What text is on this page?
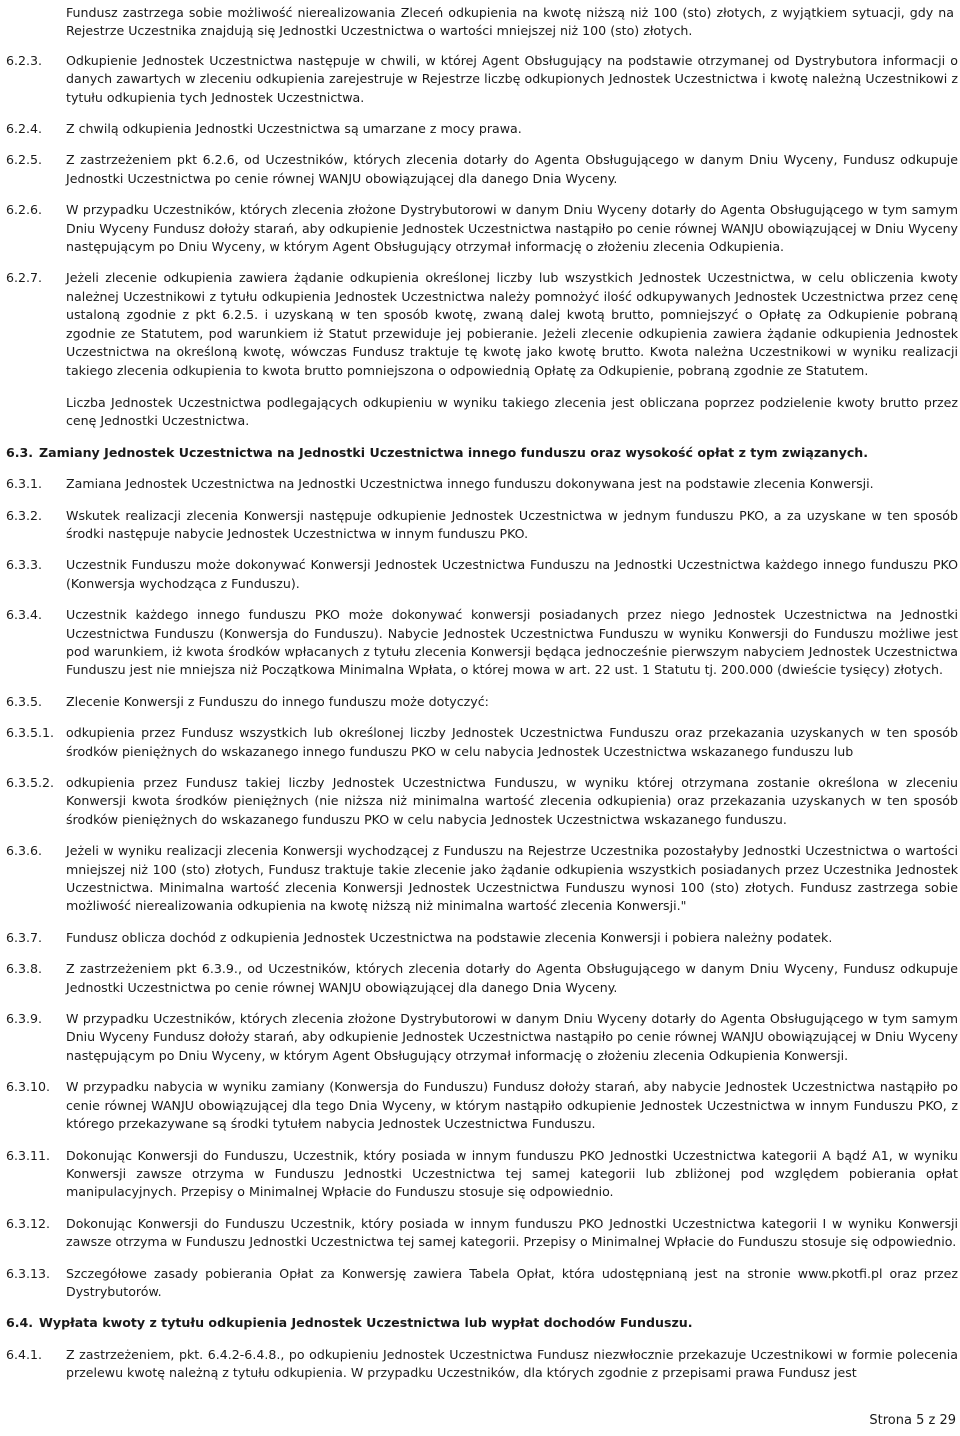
Fundusz zastrzega sobie możliwość nierealizowania Zleceń odkupienia na kwotę niższą niż 100 (sto) złotych, z wyjątkiem sytuacji, gdy na Rejestrze Uczestnika znajdują się Jednostki Uczestnictwa o wartości mniejszej niż 100 (sto) złotych.
6.2.3.	Odkupienie Jednostek Uczestnictwa następuje w chwili, w której Agent Obsługujący na podstawie otrzymanej od Dystrybutora informacji o danych zawartych w zleceniu odkupienia zarejestruje w Rejestrze liczbę odkupionych Jednostek Uczestnictwa i kwotę należną Uczestnikowi z tytułu odkupienia tych Jednostek Uczestnictwa.
6.2.4.	Z chwilą odkupienia Jednostki Uczestnictwa są umarzane z mocy prawa.
6.2.5.	Z zastrzeżeniem pkt 6.2.6, od Uczestników, których zlecenia dotarły do Agenta Obsługującego w danym Dniu Wyceny, Fundusz odkupuje Jednostki Uczestnictwa po cenie równej WANJU obowiązującej dla danego Dnia Wyceny.
6.2.6.	W przypadku Uczestników, których zlecenia złożone Dystrybutorowi w danym Dniu Wyceny dotarły do Agenta Obsługującego w tym samym Dniu Wyceny Fundusz dołoży starań, aby odkupienie Jednostek Uczestnictwa nastąpiło po cenie równej WANJU obowiązującej w Dniu Wyceny następującym po Dniu Wyceny, w którym Agent Obsługujący otrzymał informację o złożeniu zlecenia Odkupienia.
6.2.7.	Jeżeli zlecenie odkupienia zawiera żądanie odkupienia określonej liczby lub wszystkich Jednostek Uczestnictwa, w celu obliczenia kwoty należnej Uczestnikowi z tytułu odkupienia Jednostek Uczestnictwa należy pomnożyć ilość odkupywanych Jednostek Uczestnictwa przez cenę ustaloną zgodnie z pkt 6.2.5. i uzyskaną w ten sposób kwotę, zwaną dalej kwotą brutto, pomniejszyć o Opłatę za Odkupienie pobraną zgodnie ze Statutem, pod warunkiem iż Statut przewiduje jej pobieranie. Jeżeli zlecenie odkupienia zawiera żądanie odkupienia Jednostek Uczestnictwa na określoną kwotę, wówczas Fundusz traktuje tę kwotę jako kwotę brutto. Kwota należna Uczestnikowi w wyniku realizacji takiego zlecenia odkupienia to kwota brutto pomniejszona o odpowiednią Opłatę za Odkupienie, pobraną zgodnie ze Statutem.
Liczba Jednostek Uczestnictwa podlegających odkupieniu w wyniku takiego zlecenia jest obliczana poprzez podzielenie kwoty brutto przez cenę Jednostki Uczestnictwa.
6.3. Zamiany Jednostek Uczestnictwa na Jednostki Uczestnictwa innego funduszu oraz wysokość opłat z tym związanych.
6.3.1.	Zamiana Jednostek Uczestnictwa na Jednostki Uczestnictwa innego funduszu dokonywana jest na podstawie zlecenia Konwersji.
6.3.2.	Wskutek realizacji zlecenia Konwersji następuje odkupienie Jednostek Uczestnictwa w jednym funduszu PKO, a za uzyskane w ten sposób środki następuje nabycie Jednostek Uczestnictwa w innym funduszu PKO.
6.3.3.	Uczestnik Funduszu może dokonywać Konwersji Jednostek Uczestnictwa Funduszu na Jednostki Uczestnictwa każdego innego funduszu PKO (Konwersja wychodząca z Funduszu).
6.3.4.	Uczestnik każdego innego funduszu PKO może dokonywać konwersji posiadanych przez niego Jednostek Uczestnictwa na Jednostki Uczestnictwa Funduszu (Konwersja do Funduszu). Nabycie Jednostek Uczestnictwa Funduszu w wyniku Konwersji do Funduszu możliwe jest pod warunkiem, iż kwota środków wpłacanych z tytułu zlecenia Konwersji będąca jednocześnie pierwszym nabyciem Jednostek Uczestnictwa Funduszu jest nie mniejsza niż Początkowa Minimalna Wpłata, o której mowa w art. 22 ust. 1 Statutu tj. 200.000 (dwieście tysięcy) złotych.
6.3.5.	Zlecenie Konwersji z Funduszu do innego funduszu może dotyczyć:
6.3.5.1. odkupienia przez Fundusz wszystkich lub określonej liczby Jednostek Uczestnictwa Funduszu oraz przekazania uzyskanych w ten sposób środków pieniężnych do wskazanego innego funduszu PKO w celu nabycia Jednostek Uczestnictwa wskazanego funduszu lub
6.3.5.2. odkupienia przez Fundusz takiej liczby Jednostek Uczestnictwa Funduszu, w wyniku której otrzymana zostanie określona w zleceniu Konwersji kwota środków pieniężnych (nie niższa niż minimalna wartość zlecenia odkupienia) oraz przekazania uzyskanych w ten sposób środków pieniężnych do wskazanego funduszu PKO w celu nabycia Jednostek Uczestnictwa wskazanego funduszu.
6.3.6.	Jeżeli w wyniku realizacji zlecenia Konwersji wychodzącej z Funduszu na Rejestrze Uczestnika pozostałyby Jednostki Uczestnictwa o wartości mniejszej niż 100 (sto) złotych, Fundusz traktuje takie zlecenie jako żądanie odkupienia wszystkich posiadanych przez Uczestnika Jednostek Uczestnictwa. Minimalna wartość zlecenia Konwersji Jednostek Uczestnictwa Funduszu wynosi 100 (sto) złotych. Fundusz zastrzega sobie możliwość nierealizowania odkupienia na kwotę niższą niż minimalna wartość zlecenia Konwersji."
6.3.7.	Fundusz oblicza dochód z odkupienia Jednostek Uczestnictwa na podstawie zlecenia Konwersji i pobiera należny podatek.
6.3.8.	Z zastrzeżeniem pkt 6.3.9., od Uczestników, których zlecenia dotarły do Agenta Obsługującego w danym Dniu Wyceny, Fundusz odkupuje Jednostki Uczestnictwa po cenie równej WANJU obowiązującej dla danego Dnia Wyceny.
6.3.9.	W przypadku Uczestników, których zlecenia złożone Dystrybutorowi w danym Dniu Wyceny dotarły do Agenta Obsługującego w tym samym Dniu Wyceny Fundusz dołoży starań, aby odkupienie Jednostek Uczestnictwa nastąpiło po cenie równej WANJU obowiązującej w Dniu Wyceny następującym po Dniu Wyceny, w którym Agent Obsługujący otrzymał informację o złożeniu zlecenia Odkupienia Konwersji.
6.3.10.	W przypadku nabycia w wyniku zamiany (Konwersja do Funduszu) Fundusz dołoży starań, aby nabycie Jednostek Uczestnictwa nastąpiło po cenie równej WANJU obowiązującej dla tego Dnia Wyceny, w którym nastąpiło odkupienie Jednostek Uczestnictwa w innym Funduszu PKO, z którego przekazywane są środki tytułem nabycia Jednostek Uczestnictwa Funduszu.
6.3.11.	Dokonując Konwersji do Funduszu, Uczestnik, który posiada w innym funduszu PKO Jednostki Uczestnictwa kategorii A bądź A1, w wyniku Konwersji zawsze otrzyma w Funduszu Jednostki Uczestnictwa tej samej kategorii lub zbliżonej pod względem pobierania opłat manipulacyjnych. Przepisy o Minimalnej Wpłacie do Funduszu stosuje się odpowiednio.
6.3.12.	Dokonując Konwersji do Funduszu Uczestnik, który posiada w innym funduszu PKO Jednostki Uczestnictwa kategorii I w wyniku Konwersji zawsze otrzyma w Funduszu Jednostki Uczestnictwa tej samej kategorii. Przepisy o Minimalnej Wpłacie do Funduszu stosuje się odpowiednio.
6.3.13.	Szczegółowe zasady pobierania Opłat za Konwersję zawiera Tabela Opłat, która udostępnianą jest na stronie www.pkotfi.pl oraz przez Dystrybutorów.
6.4. Wypłata kwoty z tytułu odkupienia Jednostek Uczestnictwa lub wypłat dochodów Funduszu.
6.4.1.	Z zastrzeżeniem, pkt. 6.4.2-6.4.8., po odkupieniu Jednostek Uczestnictwa Fundusz niezwłocznie przekazuje Uczestnikowi w formie polecenia przelewu kwotę należną z tytułu odkupienia. W przypadku Uczestników, dla których zgodnie z przepisami prawa Fundusz jest
Strona 5 z 29
